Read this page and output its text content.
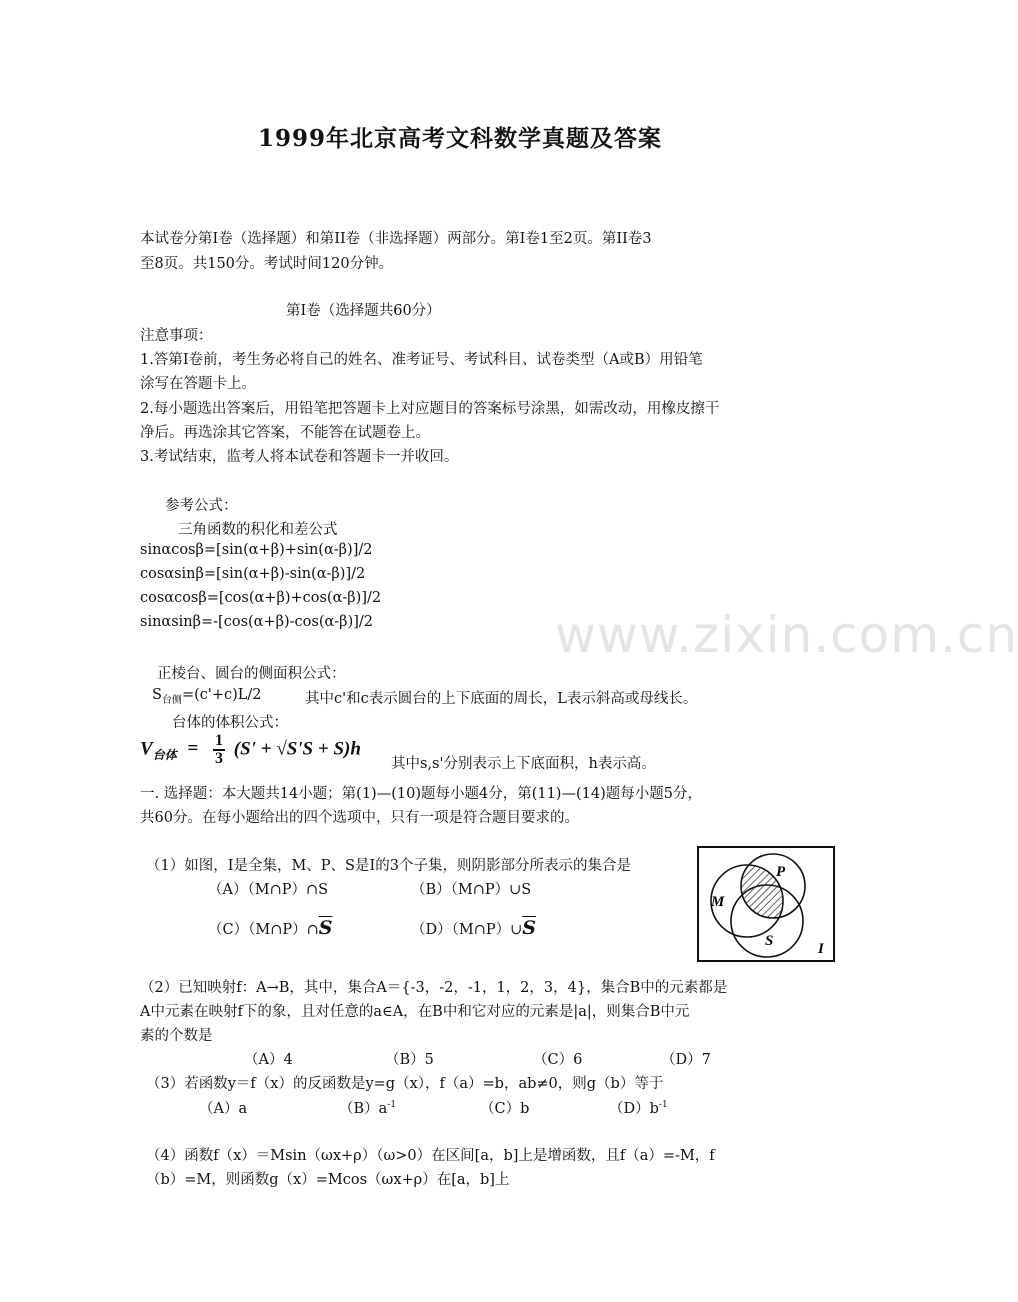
1999年北京高考文科数学真题及答案
本试卷分第Ⅰ卷（选择题）和第II卷（非选择题）两部分。第Ⅰ卷1至2页。第II卷3
至8页。共150分。考试时间120分钟。
第Ⅰ卷（选择题共60分）
注意事项：
1.答第Ⅰ卷前，考生务必将自己的姓名、准考证号、考试科目、试卷类型（A或B）用铅笔
涂写在答题卡上。
2.每小题选出答案后，用铅笔把答题卡上对应题目的答案标号涂黑，如需改动，用橡皮擦干
净后。再选涂其它答案，不能答在试题卷上。
3.考试结束，监考人将本试卷和答题卡一并收回。
参考公式：
三角函数的积化和差公式
sinαcosβ=[sin(α+β)+sin(α-β)]/2
cosαsinβ=[sin(α+β)-sin(α-β)]/2
cosαcosβ=[cos(α+β)+cos(α-β)]/2
sinαsinβ=-[cos(α+β)-cos(α-β)]/2	www.zixin.com.cn
正棱台、圆台的侧面积公式：
$S_{台侧}=(c'+c)L/2$	其中c'和c表示圆台的上下底面的周长，L表示斜高或母线长。
台体的体积公式：
$V_{台体} = \frac{1}{3} (S' + √S'S + S)h$
其中s,s'分别表示上下底面积，h表示高。
一. 选择题：本大题共14小题；第(1)—(10)题每小题4分，第(11)—(14)题每小题5分，
共60分。在每小题给出的四个选项中，只有一项是符合题目要求的。
（1）如图，I是全集，M、P、S是I的3个子集，则阴影部分所表示的集合是
（A）（M∩P）∩S	（B）（M∩P）∪S
$(C)(M\cap P)\cap\overline{S}$	$(D)(M\cap P)\cup\overline{S}$
P
M
S	I
（2）已知映射f：A→B，其中，集合A＝{-3，-2，-1，1，2，3，4}，集合B中的元素都是
A中元素在映射f下的象，且对任意的a∈A，在B中和它对应的元素是|a|，则集合B中元
素的个数是
（A）4	（B）5	（C）6	（D）7
（3）若函数y＝f（x）的反函数是y=g（x），f（a）=b，ab≠0，则g（b）等于
（A）a	$(B)a^{-1}$	（C）b	$(D)b^{-1}$
（4）函数f（x）＝Msin（ωx+ρ）（ω>0）在区间[a，b]上是增函数，且f（a）=-M，f
（b）=M，则函数g（x）=Mcos（ωx+ρ）在[a，b]上
